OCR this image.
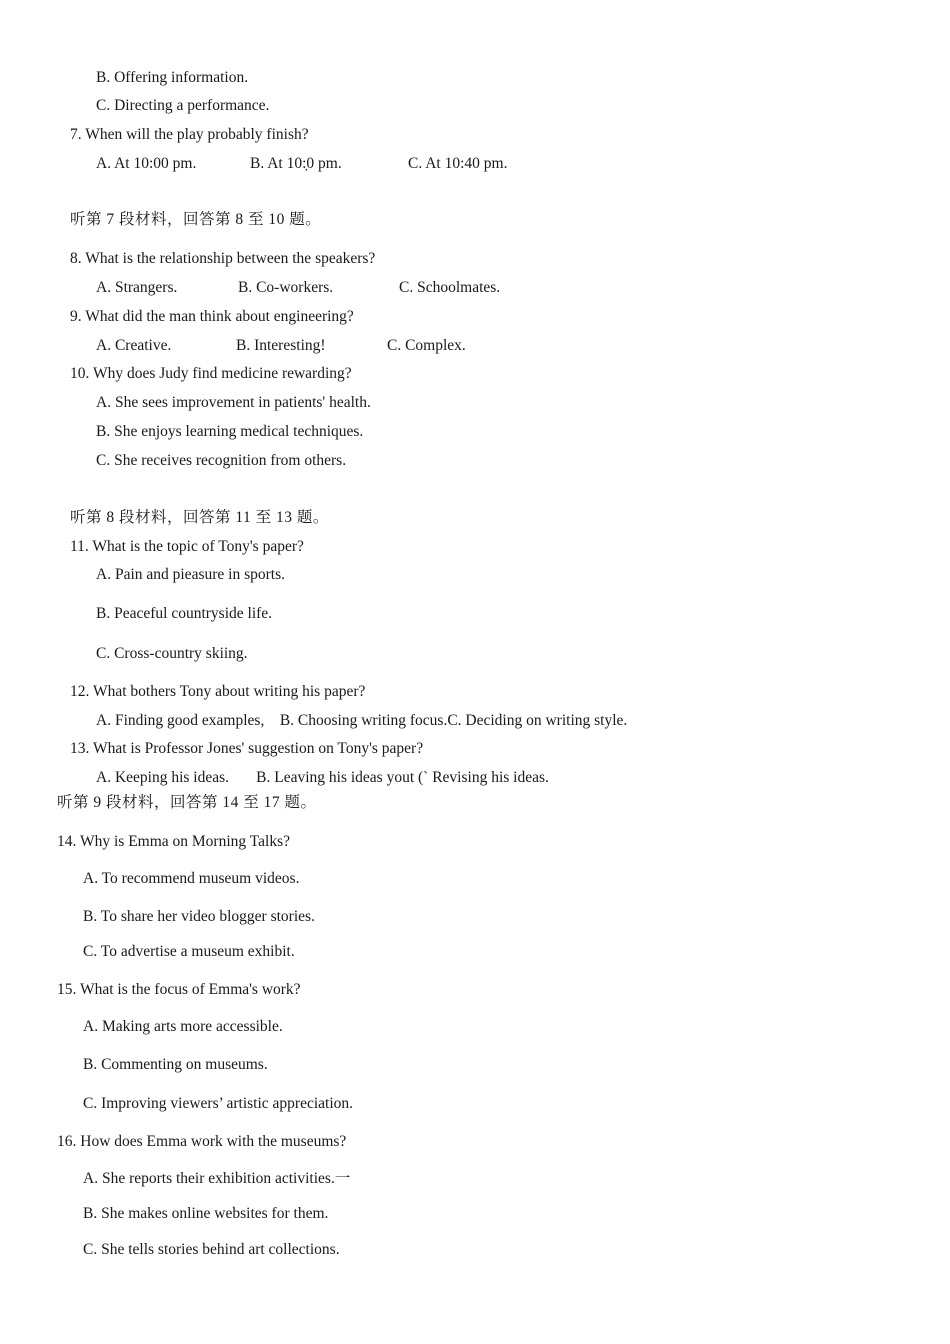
B. Offering information.
C. Directing a performance.
7. When will the play probably finish?
A. At 10:00 pm.	B. At 10:̣0 pm.	C. At 10:40 pm.
听第 7 段材料，回答第 8 至 10 题。
8. What is the relationship between the speakers?
A. Strangers.	B. Co-workers.	C. Schoolmates.
9. What did the man think about engineering?
A. Creative.	B. Interesting!	C. Complex.
10. Why does Judy find medicine rewarding?
A. She sees improvement in patients' health.
B. She enjoys learning medical techniques.
C. She receives recognition from others.
听第 8 段材料，回答第 11 至 13 题。
11. What is the topic of Tony's paper?
A. Pain and pieasure in sports.
B. Peaceful countryside life.
C. Cross-country skiing.
12. What bothers Tony about writing his paper?
A. Finding good examples,    B. Choosing writing focus.C. Deciding on writing style.
13. What is Professor Jones' suggestion on Tony's paper?
A. Keeping his ideas.       B. Leaving his ideas yout (` Revising his ideas.
听第 9 段材料，回答第 14 至 17 题。
14. Why is Emma on Morning Talks?
A. To recommend museum videos.
B. To share her video blogger stories.
C. To advertise a museum exhibit.
15. What is the focus of Emma's work?
A. Making arts more accessible.
B. Commenting on museums.
C. Improving viewers’ artistic appreciation.
16. How does Emma work with the museums?
A. She reports their exhibition activities.一
B. She makes online websites for them.
C. She tells stories behind art collections.
